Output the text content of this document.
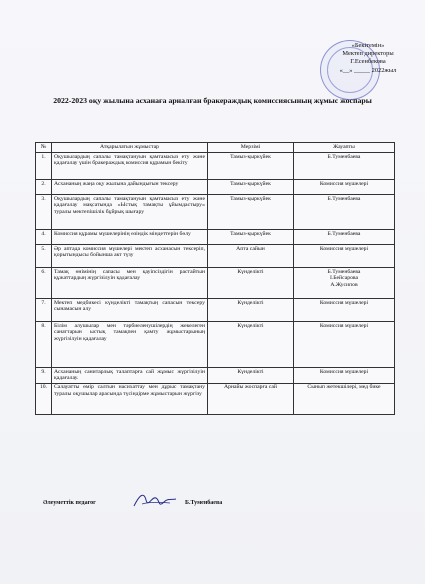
«Бекітемін»
Мектеп директоры
Г.Есенбекова
«__» _____ 2022жыл
2022-2023 оқу жылына асханаға арналған бракераждық комиссиясының жұмыс жоспары
№	Атқарылатын жұмыстар	Мерзімі	Жауапты
1.	Оқушылардың сапалы тамақтануын қамтамасыз ету және қадағалау үшін бракераждық комиссия құрамын бекіту	Тамыз-қыркүйек	Б.Туменбаева
2.	Асхананың жаңа оқу жылына дайындығын тексеру	Тамыз-қыркүйек	Комиссия мүшелері
3.	Оқушылардың сапалы тамақтануын қамтамасыз ету және қадағалау мақсатында «Ыстық тамақты ұйымдастыру» туралы мектепішілік бұйрық шығару	Тамыз-қыркүйек	Б.Туменбаева
4.	Комиссия құрамы мүшелерінің өзіндік міндеттерін бөлу	Тамыз-қыркүйек	Б.Туменбаева
5.	Әр аптада комиссия мүшелері мектеп асханасын тексеріп, қорытындысы бойынша акт түзу	Апта сайын	Комиссия мүшелері
6.	Тамақ өнімінің сапасы мен қауіпсіздігін растайтын құжаттардың жүргізілуін қадағалау	Күнделікті	Б.Туменбаева
І.Бейсарова
А.Жусипов
7.	Мектеп медбикесі күнделікті тамақтың сапасын тексеру сынамасын алу	Күнделікті	Комиссия мүшелері
8.	Білім алушылар мен тәрбиеленушілердің жекелеген санаттарын ыстық тамақпен қамту жұмыстарының жүргізілуін қадағалау	Күнделікті	Комиссия мүшелері
9.	Асхананың санитарлық талаптарға сай жұмыс жүргізілуін қадағалау.	Күнделікті	Комиссия мүшелері
10.	Салауатты өмір салтын насихаттау мен дұрыс тамақтану туралы оқушылар арасында түсіндірме жұмыстарын жүргізу	Арнайы жоспарға сай	Сынып жетекшілері, мед бике
Әлеуметтік педагог	Б.Туменбаева
